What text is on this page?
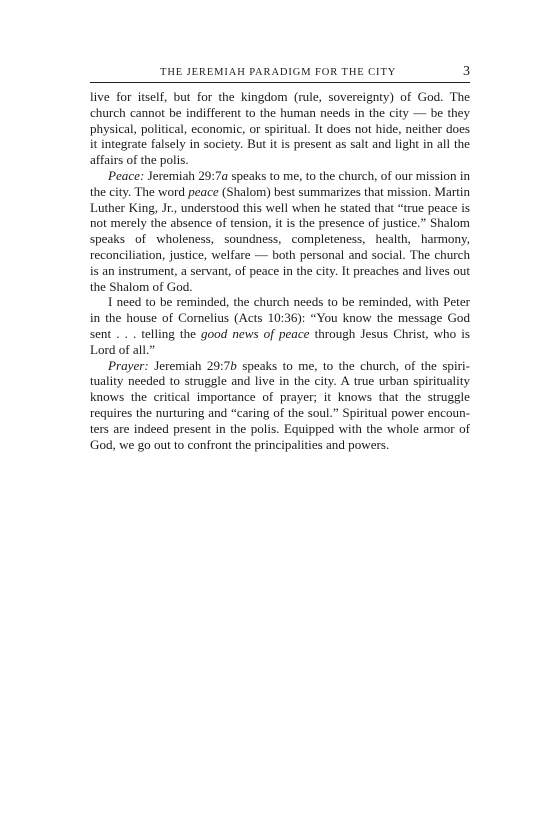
THE JEREMIAH PARADIGM FOR THE CITY	3

live for itself, but for the kingdom (rule, sovereignty) of God. The church cannot be indifferent to the human needs in the city — be they physical, political, economic, or spiritual. It does not hide, neither does it integrate falsely in society. But it is present as salt and light in all the affairs of the polis.

Peace: Jeremiah 29:7a speaks to me, to the church, of our mission in the city. The word peace (Shalom) best summarizes that mission. Martin Luther King, Jr., understood this well when he stated that “true peace is not merely the absence of tension, it is the presence of justice.” Shalom speaks of wholeness, soundness, completeness, health, harmony, reconciliation, justice, welfare — both personal and social. The church is an instrument, a servant, of peace in the city. It preaches and lives out the Shalom of God.

I need to be reminded, the church needs to be reminded, with Peter in the house of Cornelius (Acts 10:36): “You know the message God sent . . . telling the good news of peace through Jesus Christ, who is Lord of all.”

Prayer: Jeremiah 29:7b speaks to me, to the church, of the spirituality needed to struggle and live in the city. A true urban spirituality knows the critical importance of prayer; it knows that the struggle requires the nurturing and “caring of the soul.” Spiritual power encounters are indeed present in the polis. Equipped with the whole armor of God, we go out to confront the principalities and powers.
